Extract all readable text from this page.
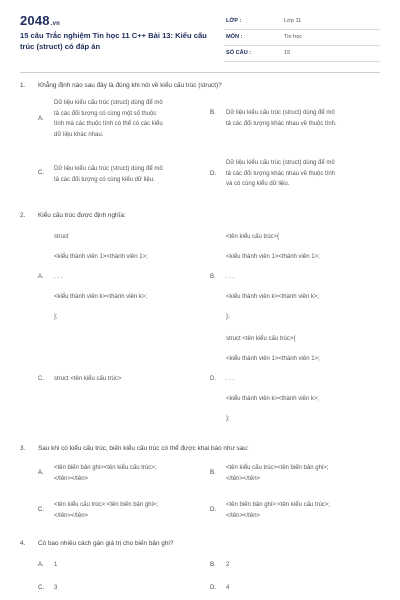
2048.vn
15 câu Trắc nghiệm Tin học 11 C++ Bài 13: Kiểu cấu trúc (struct) có đáp án
LỚP :	Lớp 11
MÔN :	Tin học
SỐ CÂU :	15
1. Khẳng định nào sau đây là đúng khi nói về kiểu cấu trúc (struct)?
A.
Dữ liệu kiểu cấu trúc (struct) dùng để mô
tả các đối tượng có cùng một số thuộc
tính mà các thuộc tính có thể có các kiểu
dữ liệu khác nhau.
B. Dữ liệu kiểu cấu trúc (struct) dùng để mô
tả các đối tượng khác nhau về thuộc tính.
C. Dữ liệu kiểu cấu trúc (struct) dùng để mô
tả các đối tượng có cùng kiểu dữ liệu.
D.
Dữ liệu kiểu cấu trúc (struct) dùng để mô
tả các đối tượng khác nhau về thuộc tính
và có cùng kiểu dữ liệu.
2. Kiểu cấu trúc được định nghĩa:
struct
<kiểu thành viên 1><thành viên 1>;
A. . . .
<kiểu thành viên k><thành viên k>;
};
<tên kiểu cấu trúc>{
<kiểu thành viên 1><thành viên 1>;
B. . . .
<kiểu thành viên k><thành viên k>;
};
C. struct <tên kiểu cấu trúc>
struct <tên kiểu cấu trúc>{
<kiểu thành viên 1><thành viên 1>;
D. . . .
<kiểu thành viên k><thành viên k>;
};
3. Sau khi có kiểu cấu trúc, biến kiểu cấu trúc có thể được khai báo như sau:
A.
<tên biến bản ghi><tên kiểu cấu trúc>;
</tên></tên>
B.
<tên kiểu cấu trúc><tên biến bản ghi>;
</tên></tên>
C.
<tên kiểu cấu trúc>:<tên biến bản ghi>;
</tên></tên>
D.
<tên biến bản ghi>:<tên kiểu cấu trúc>;
</tên></tên>
4. Có bao nhiêu cách gán giá trị cho biến bản ghi?
A. 1	B. 2
C. 3	D. 4
